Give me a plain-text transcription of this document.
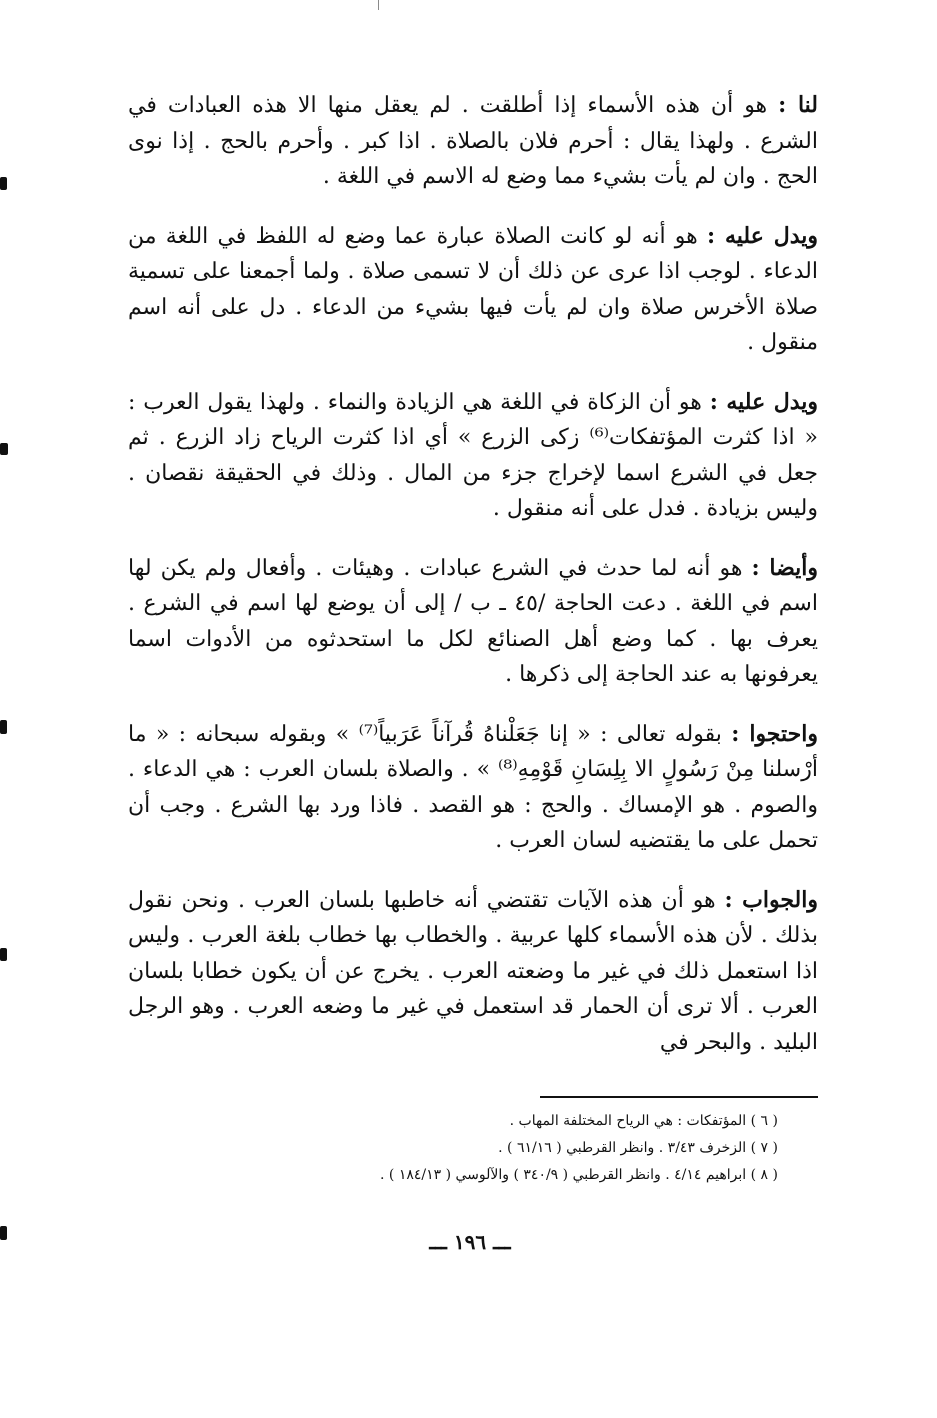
لنا : هو أن هذه الأسماء إذا أطلقت . لم يعقل منها الا هذه العبادات في الشرع . ولهذا يقال : أحرم فلان بالصلاة . اذا كبر . وأحرم بالحج . إذا نوى الحج . وان لم يأت بشيء مما وضع له الاسم في اللغة .

ويدل عليه : هو أنه لو كانت الصلاة عبارة عما وضع له اللفظ في اللغة من الدعاء . لوجب اذا عرى عن ذلك أن لا تسمى صلاة . ولما أجمعنا على تسمية صلاة الأخرس صلاة وان لم يأت فيها بشيء من الدعاء . دل على أنه اسم منقول .

ويدل عليه : هو أن الزكاة في اللغة هي الزيادة والنماء . ولهذا يقول العرب : « اذا كثرت المؤتفكات⁽⁶⁾ زكى الزرع » أي اذا كثرت الرياح زاد الزرع . ثم جعل في الشرع اسما لإخراج جزء من المال . وذلك في الحقيقة نقصان . وليس بزيادة . فدل على أنه منقول .

وأيضا : هو أنه لما حدث في الشرع عبادات . وهيئات . وأفعال ولم يكن لها اسم في اللغة . دعت الحاجة /٤٥ ـ ب / إلى أن يوضع لها اسم في الشرع . يعرف بها . كما وضع أهل الصنائع لكل ما استحدثوه من الأدوات اسما يعرفونها به عند الحاجة إلى ذكرها .

واحتجوا : بقوله تعالى : « إنا جَعَلْناهُ قُرآناً عَرَبياً⁽⁷⁾ » وبقوله سبحانه : « ما أرْسلنا مِنْ رَسُولٍ الا بِلِسَانِ قَوْمِهِ⁽⁸⁾ » . والصلاة بلسان العرب : هي الدعاء . والصوم . هو الإمساك . والحج : هو القصد . فاذا ورد بها الشرع . وجب أن تحمل على ما يقتضيه لسان العرب .

والجواب : هو أن هذه الآيات تقتضي أنه خاطبها بلسان العرب . ونحن نقول بذلك . لأن هذه الأسماء كلها عربية . والخطاب بها خطاب بلغة العرب . وليس اذا استعمل ذلك في غير ما وضعته العرب . يخرج عن أن يكون خطابا بلسان العرب . ألا ترى أن الحمار قد استعمل في غير ما وضعه العرب . وهو الرجل البليد . والبحر في

( ٦ ) المؤتفكات : هي الرياح المختلفة المهاب .

( ٧ ) الزخرف ٣/٤٣ . وانظر القرطبي ( ٦١/١٦ ) .

( ٨ ) ابراهيم ٤/١٤ . وانظر القرطبي ( ٣٤٠/٩ ) والآلوسي ( ١٨٤/١٣ ) .

ـــ ١٩٦ ـــ
